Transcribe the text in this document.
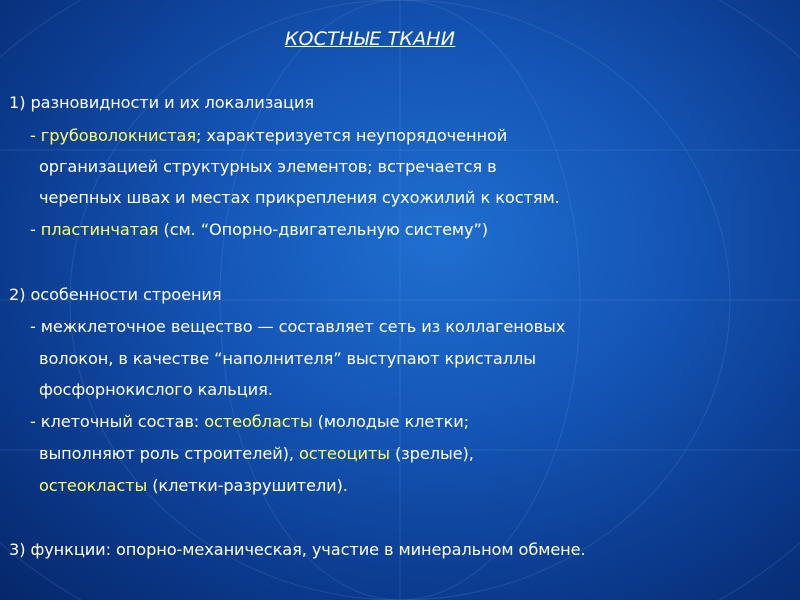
КОСТНЫЕ ТКАНИ
1) разновидности и их локализация
- грубоволокнистая; характеризуется неупорядоченной
организацией структурных элементов; встречается в
черепных швах и местах прикрепления сухожилий к костям.
- пластинчатая (см. “Опорно-двигательную систему”)
2) особенности строения
- межклеточное вещество — составляет сеть из коллагеновых
волокон, в качестве “наполнителя” выступают кристаллы
фосфорнокислого кальция.
- клеточный состав: остеобласты (молодые клетки;
выполняют роль строителей), остеоциты (зрелые),
остеокласты (клетки-разрушители).
3) функции: опорно-механическая, участие в минеральном обмене.
